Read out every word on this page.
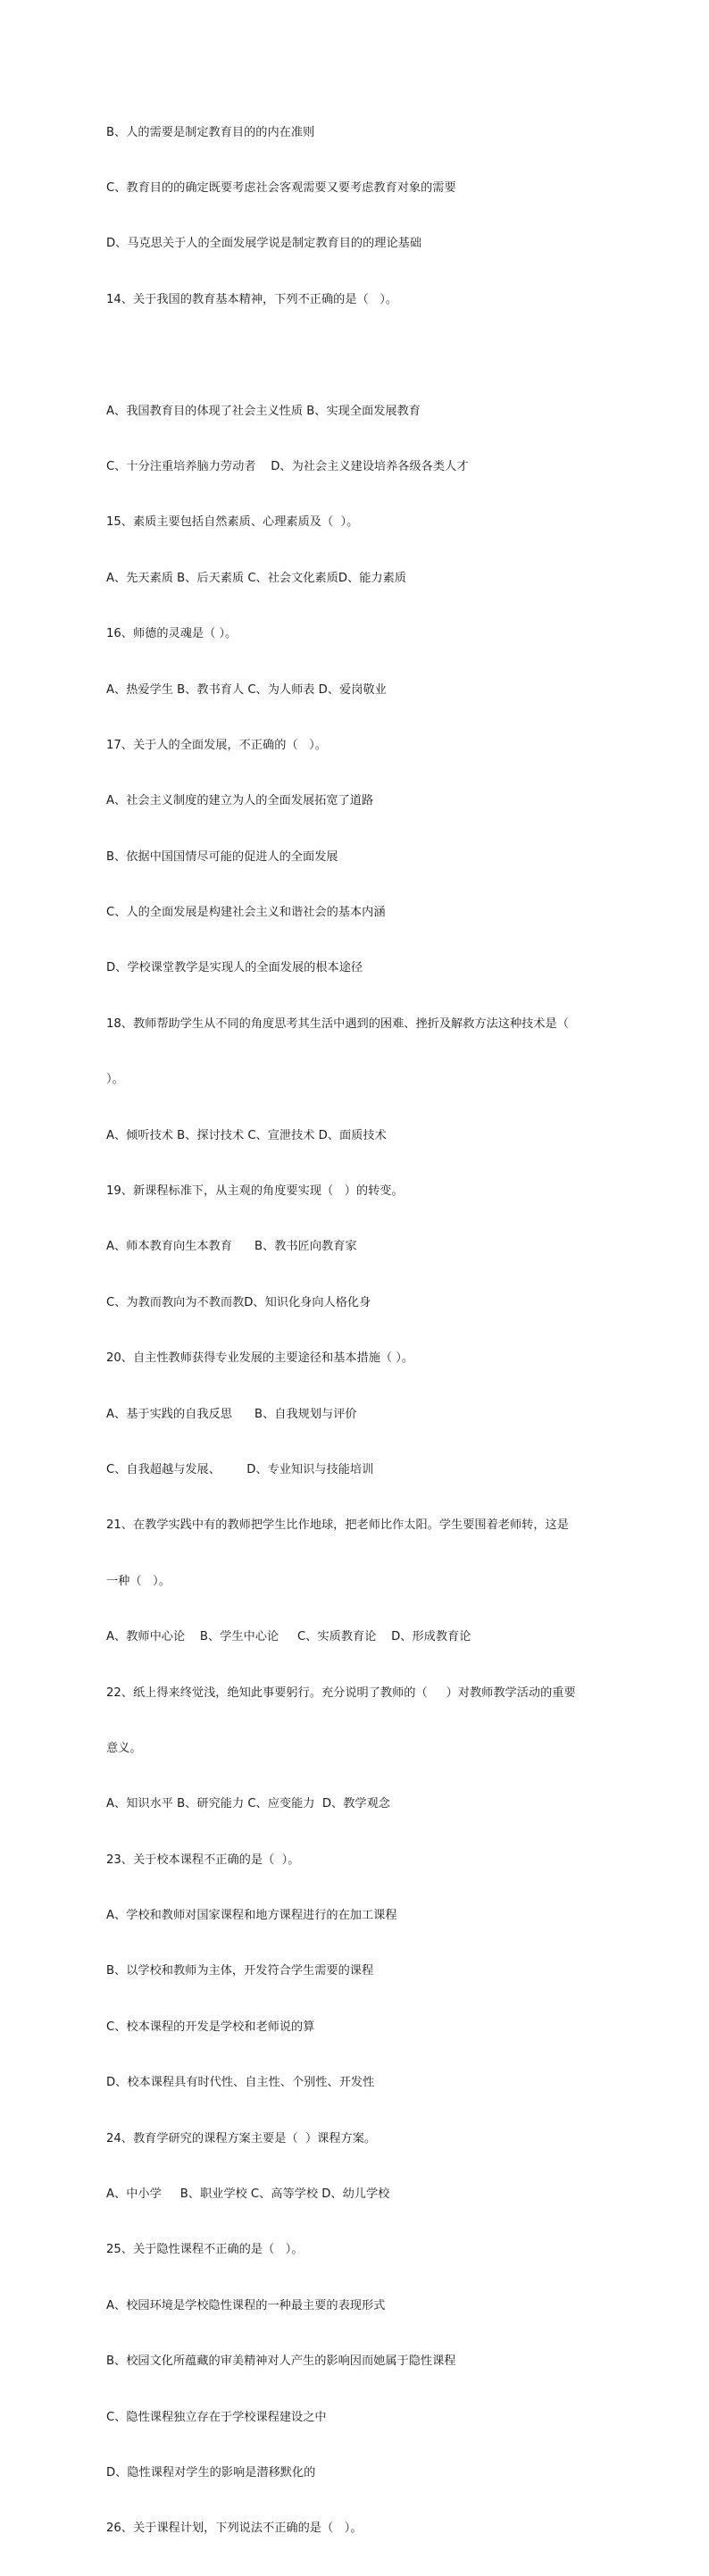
B、人的需要是制定教育目的的内在准则

C、教育目的的确定既要考虑社会客观需要又要考虑教育对象的需要

D、马克思关于人的全面发展学说是制定教育目的的理论基础

14、关于我国的教育基本精神，下列不正确的是（   ）。

A、我国教育目的体现了社会主义性质 B、实现全面发展教育

C、十分注重培养脑力劳动者    D、为社会主义建设培养各级各类人才

15、素质主要包括自然素质、心理素质及（  ）。

A、先天素质 B、后天素质 C、社会文化素质D、能力素质

16、师德的灵魂是（ ）。

A、热爱学生 B、教书育人 C、为人师表 D、爱岗敬业

17、关于人的全面发展，不正确的（   ）。

A、社会主义制度的建立为人的全面发展拓宽了道路

B、依据中国国情尽可能的促进人的全面发展

C、人的全面发展是构建社会主义和谐社会的基本内涵

D、学校课堂教学是实现人的全面发展的根本途径

18、教师帮助学生从不同的角度思考其生活中遇到的困难、挫折及解救方法这种技术是（

）。

A、倾听技术 B、探讨技术 C、宣泄技术 D、面质技术

19、新课程标准下，从主观的角度要实现（   ）的转变。

A、师本教育向生本教育      B、教书匠向教育家

C、为教而教向为不教而教D、知识化身向人格化身

20、自主性教师获得专业发展的主要途径和基本措施（ ）。

A、基于实践的自我反思      B、自我规划与评价

C、自我超越与发展、       D、专业知识与技能培训

21、在教学实践中有的教师把学生比作地球，把老师比作太阳。学生要围着老师转，这是

一种（   ）。

A、教师中心论    B、学生中心论     C、实质教育论    D、形成教育论

22、纸上得来终觉浅，绝知此事要躬行。充分说明了教师的（     ）对教师教学活动的重要

意义。

A、知识水平 B、研究能力 C、应变能力  D、教学观念

23、关于校本课程不正确的是（  ）。

A、学校和教师对国家课程和地方课程进行的在加工课程

B、以学校和教师为主体，开发符合学生需要的课程

C、校本课程的开发是学校和老师说的算

D、校本课程具有时代性、自主性、个别性、开发性

24、教育学研究的课程方案主要是（  ）课程方案。

A、中小学     B、职业学校 C、高等学校 D、幼儿学校

25、关于隐性课程不正确的是（   ）。

A、校园环境是学校隐性课程的一种最主要的表现形式

B、校园文化所蕴藏的审美精神对人产生的影响因而她属于隐性课程

C、隐性课程独立存在于学校课程建设之中

D、隐性课程对学生的影响是潜移默化的

26、关于课程计划，下列说法不正确的是（   ）。
